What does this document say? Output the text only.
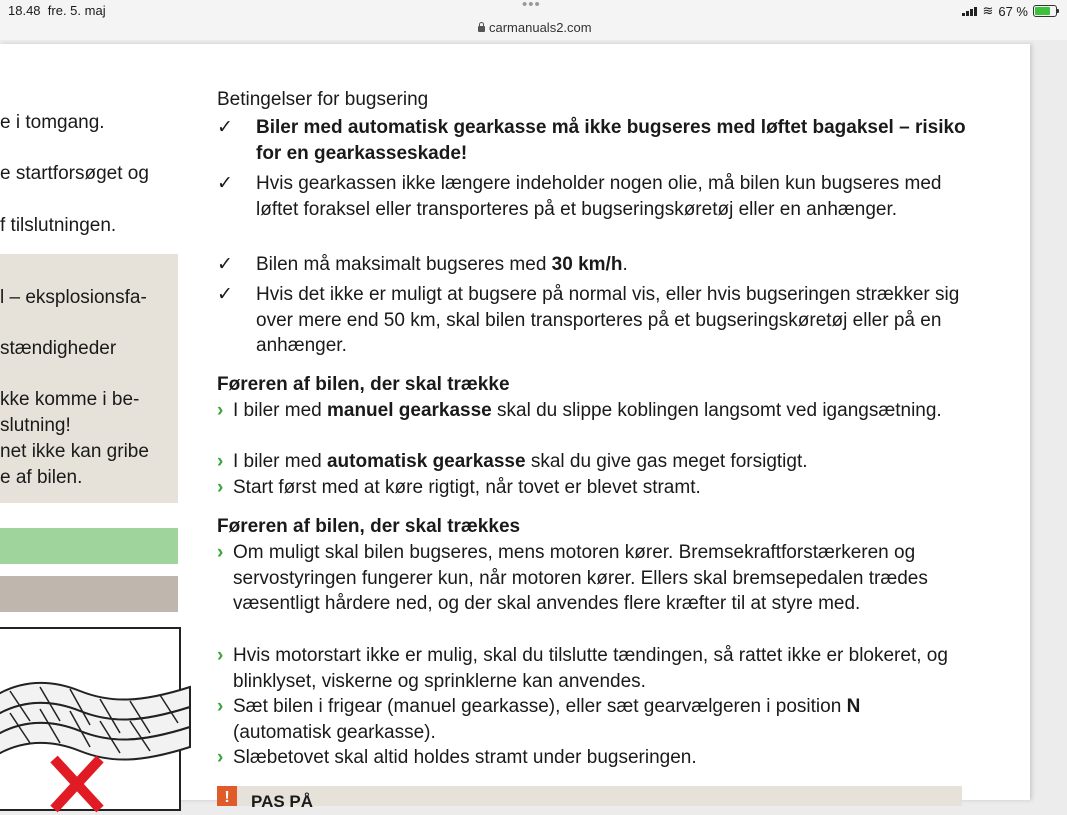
18.48 fre. 5. maj	•••
carmanuals2.com
≋ 67 %
e i tomgang.
e startforsøget og
f tilslutningen.
l – eksplosionsfa-
stændigheder
kke komme i be-
slutning!
net ikke kan gribe
e af bilen.
Betingelser for bugsering
✓ Biler med automatisk gearkasse må ikke bugseres med løftet bagaksel – risiko for en gearkasseskade!
✓ Hvis gearkassen ikke længere indeholder nogen olie, må bilen kun bugseres med løftet foraksel eller transporteres på et bugseringskøretøj eller en anhænger.
✓ Bilen må maksimalt bugseres med 30 km/h.
✓ Hvis det ikke er muligt at bugsere på normal vis, eller hvis bugseringen strækker sig over mere end 50 km, skal bilen transporteres på et bugseringskøretøj eller på en anhænger.
Føreren af bilen, der skal trække
› I biler med manuel gearkasse skal du slippe koblingen langsomt ved igangsætning.
› I biler med automatisk gearkasse skal du give gas meget forsigtigt.
› Start først med at køre rigtigt, når tovet er blevet stramt.
Føreren af bilen, der skal trækkes
› Om muligt skal bilen bugseres, mens motoren kører. Bremsekraftforstærkeren og servostyringen fungerer kun, når motoren kører. Ellers skal bremsepedalen trædes væsentligt hårdere ned, og der skal anvendes flere kræfter til at styre med.
› Hvis motorstart ikke er mulig, skal du tilslutte tændingen, så rattet ikke er blokeret, og blinklyset, viskerne og sprinklerne kan anvendes.
› Sæt bilen i frigear (manuel gearkasse), eller sæt gearvælgeren i position N (automatisk gearkasse).
› Slæbetovet skal altid holdes stramt under bugseringen.
!	PAS PÅ
